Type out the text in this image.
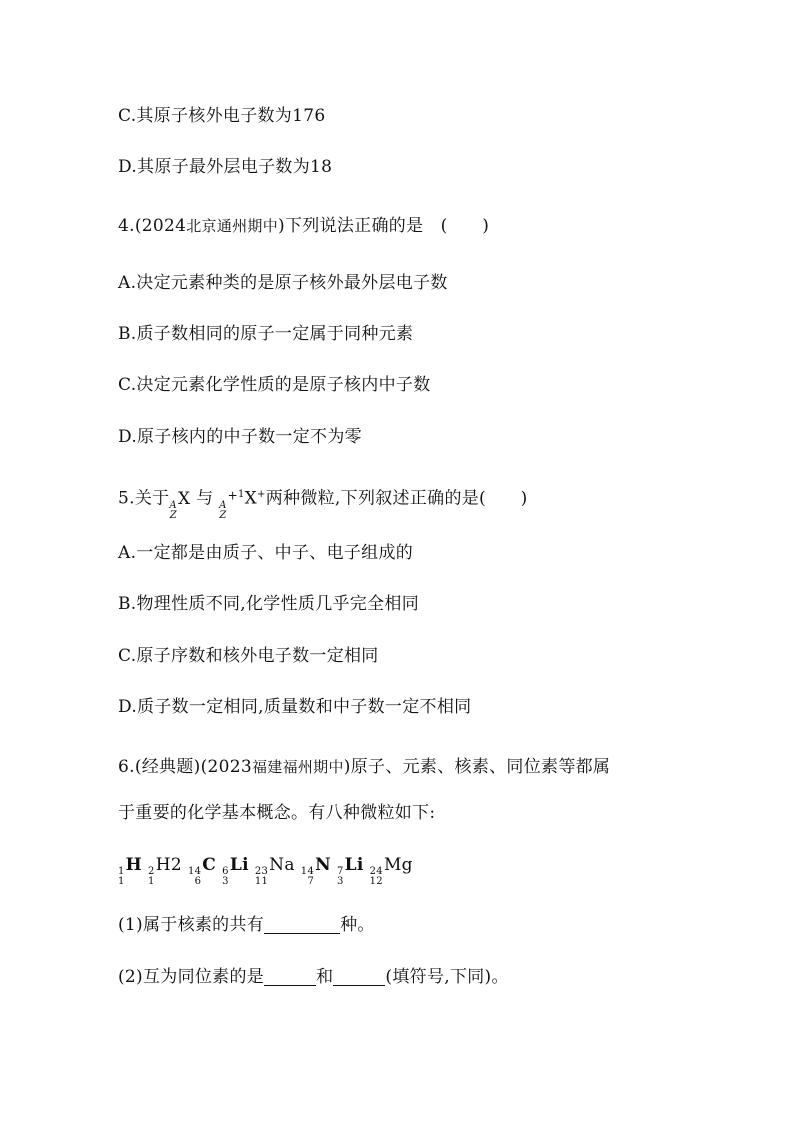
C.其原子核外电子数为176
D.其原子最外层电子数为18
4.(2024北京通州期中)下列说法正确的是　(　　)
A.决定元素种类的是原子核外最外层电子数
B.质子数相同的原子一定属于同种元素
C.决定元素化学性质的是原子核内中子数
D.原子核内的中子数一定不为零
5.关于 A
Z
X 与 A
Z
$^{+1}$X+两种微粒,下列叙述正确的是(　　)
A.一定都是由质子、中子、电子组成的
B.物理性质不同,化学性质几乎完全相同
C.原子序数和核外电子数一定相同
D.质子数一定相同,质量数和中子数一定不相同
6.(经典题)(2023福建福州期中)原子、元素、核素、同位素等都属
于重要的化学基本概念。有八种微粒如下:
1
1
H 2
1
H2 14
6
C 6
3
Li 23
11
Na 14
7
N 7
3
Li 24
12
Mg
(1)属于核素的共有	种。
(2)互为同位素的是	和	(填符号,下同)。
